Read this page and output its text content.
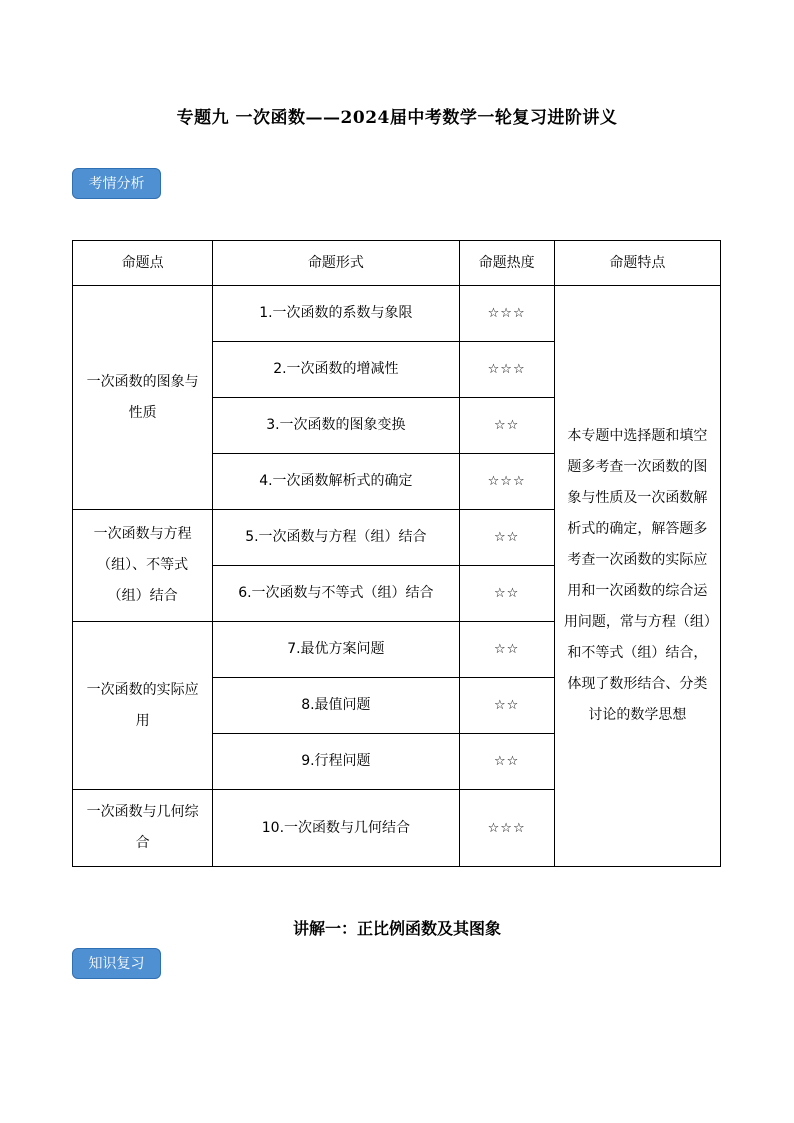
专题九 一次函数——2024届中考数学一轮复习进阶讲义
考情分析
命题点	命题形式	命题热度	命题特点
一次函数的图象与性质	1.一次函数的系数与象限	☆☆☆	本专题中选择题和填空题多考查一次函数的图象与性质及一次函数解析式的确定，解答题多考查一次函数的实际应用和一次函数的综合运用问题，常与方程（组）和不等式（组）结合，体现了数形结合、分类讨论的数学思想
	2.一次函数的增减性	☆☆☆	
	3.一次函数的图象变换	☆☆	
	4.一次函数解析式的确定	☆☆☆	
一次函数与方程（组）、不等式（组）结合	5.一次函数与方程（组）结合	☆☆	
	6.一次函数与不等式（组）结合	☆☆	
一次函数的实际应用	7.最优方案问题	☆☆	
	8.最值问题	☆☆	
	9.行程问题	☆☆	
一次函数与几何综合	10.一次函数与几何结合	☆☆☆	
讲解一：正比例函数及其图象
知识复习
